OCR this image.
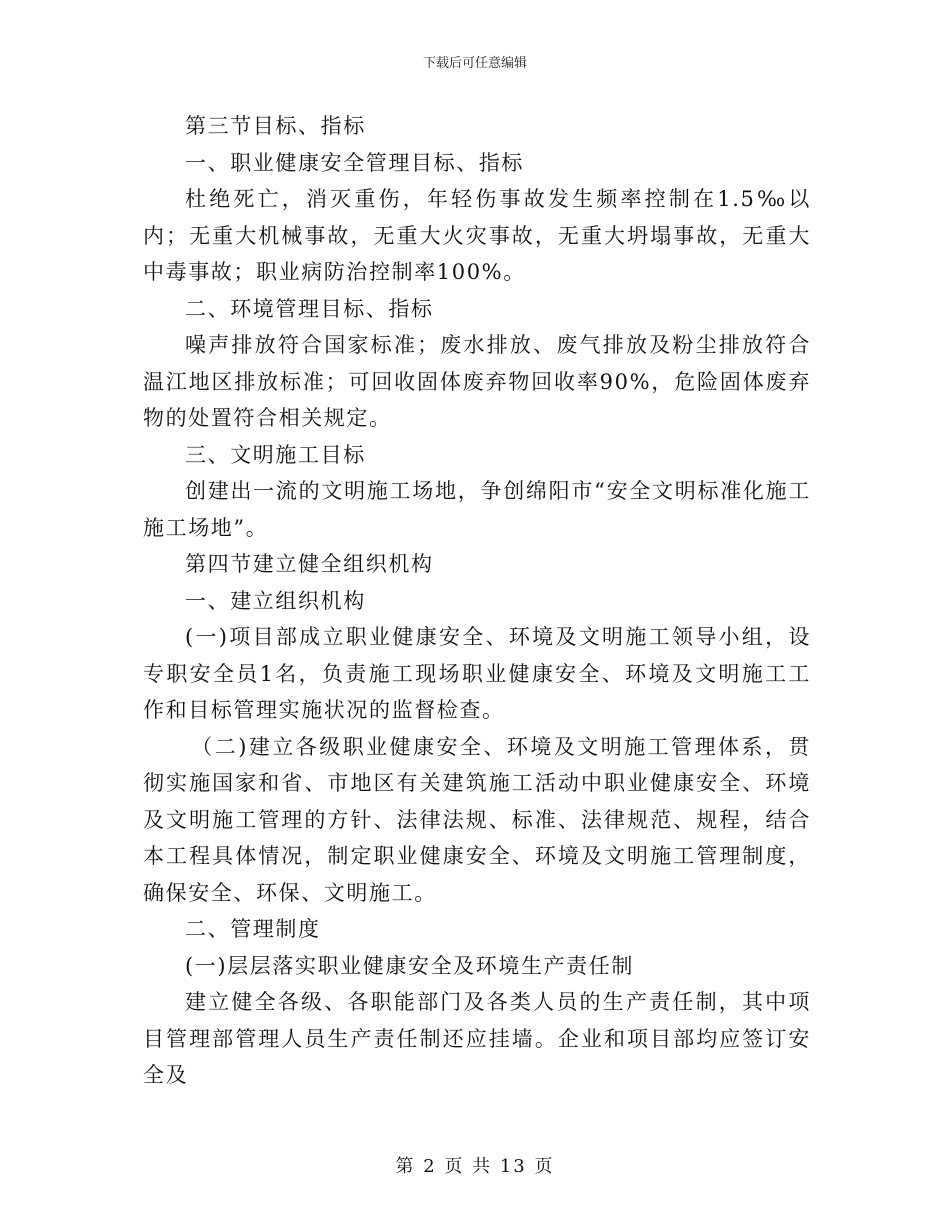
下载后可任意编辑

第三节目标、指标

一、职业健康安全管理目标、指标

杜绝死亡，消灭重伤，年轻伤事故发生频率控制在1.5‰以内；无重大机械事故，无重大火灾事故，无重大坍塌事故，无重大中毒事故；职业病防治控制率100%。

二、环境管理目标、指标

噪声排放符合国家标准；废水排放、废气排放及粉尘排放符合温江地区排放标准；可回收固体废弃物回收率90%，危险固体废弃物的处置符合相关规定。

三、文明施工目标

创建出一流的文明施工场地，争创绵阳市“安全文明标准化施工施工场地”。

第四节建立健全组织机构

一、建立组织机构

(一)项目部成立职业健康安全、环境及文明施工领导小组，设专职安全员1名，负责施工现场职业健康安全、环境及文明施工工作和目标管理实施状况的监督检查。

（二)建立各级职业健康安全、环境及文明施工管理体系，贯彻实施国家和省、市地区有关建筑施工活动中职业健康安全、环境及文明施工管理的方针、法律法规、标准、法律规范、规程，结合本工程具体情况，制定职业健康安全、环境及文明施工管理制度，确保安全、环保、文明施工。

二、管理制度

(一)层层落实职业健康安全及环境生产责任制

建立健全各级、各职能部门及各类人员的生产责任制，其中项目管理部管理人员生产责任制还应挂墙。企业和项目部均应签订安全及

第 2 页 共 13 页
